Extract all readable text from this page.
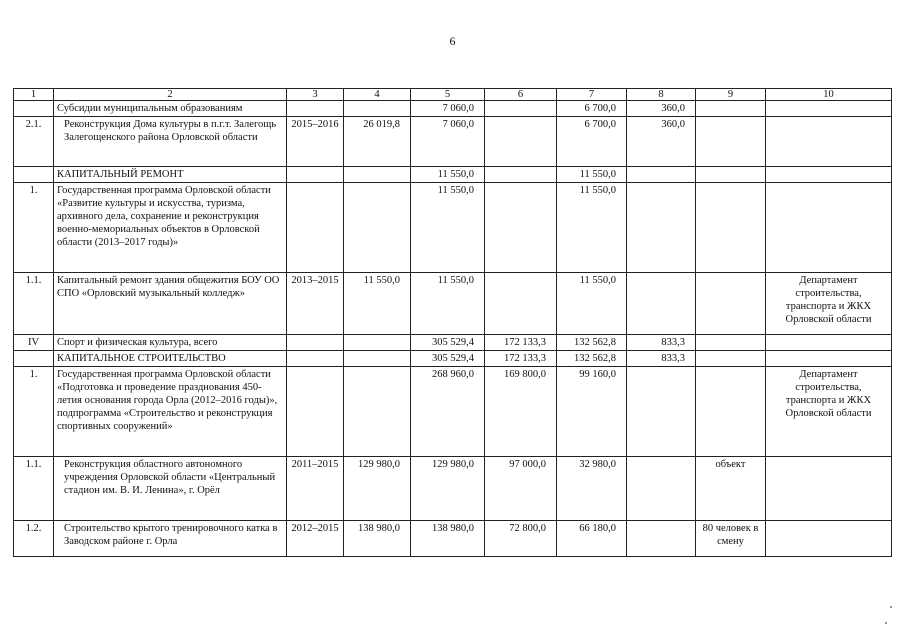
6
1	2	3	4	5	6	7	8	9	10
	Субсидии муниципальным образованиям			7 060,0		6 700,0	360,0		
2.1.	Реконструкция Дома культуры в п.г.т. Залегощь Залегощенского района Орловской области	2015–2016	26 019,8	7 060,0		6 700,0	360,0		
	КАПИТАЛЬНЫЙ РЕМОНТ			11 550,0		11 550,0			
1.	Государственная программа Орловской области «Развитие культуры и искусства, туризма, архивного дела, сохранение и реконструкция военно-мемориальных объектов в Орловской области (2013–2017 годы)»			11 550,0		11 550,0			
1.1.	Капитальный ремонт здания общежития БОУ ОО СПО «Орловский музыкальный колледж»	2013–2015	11 550,0	11 550,0		11 550,0			Департамент строительства, транспорта и ЖКХ Орловской области
IV	Спорт и физическая культура, всего			305 529,4	172 133,3	132 562,8	833,3		
	КАПИТАЛЬНОЕ СТРОИТЕЛЬСТВО			305 529,4	172 133,3	132 562,8	833,3		
1.	Государственная программа Орловской области «Подготовка и проведение празднования 450-летия основания города Орла (2012–2016 годы)», подпрограмма «Строительство и реконструкция спортивных сооружений»			268 960,0	169 800,0	99 160,0			Департамент строительства, транспорта и ЖКХ Орловской области
1.1.	Реконструкция областного автономного учреждения Орловской области «Центральный стадион им. В. И. Ленина», г. Орёл	2011–2015	129 980,0	129 980,0	97 000,0	32 980,0		объект	
1.2.	Строительство крытого тренировочного катка в Заводском районе г. Орла	2012–2015	138 980,0	138 980,0	72 800,0	66 180,0		80 человек в смену	
